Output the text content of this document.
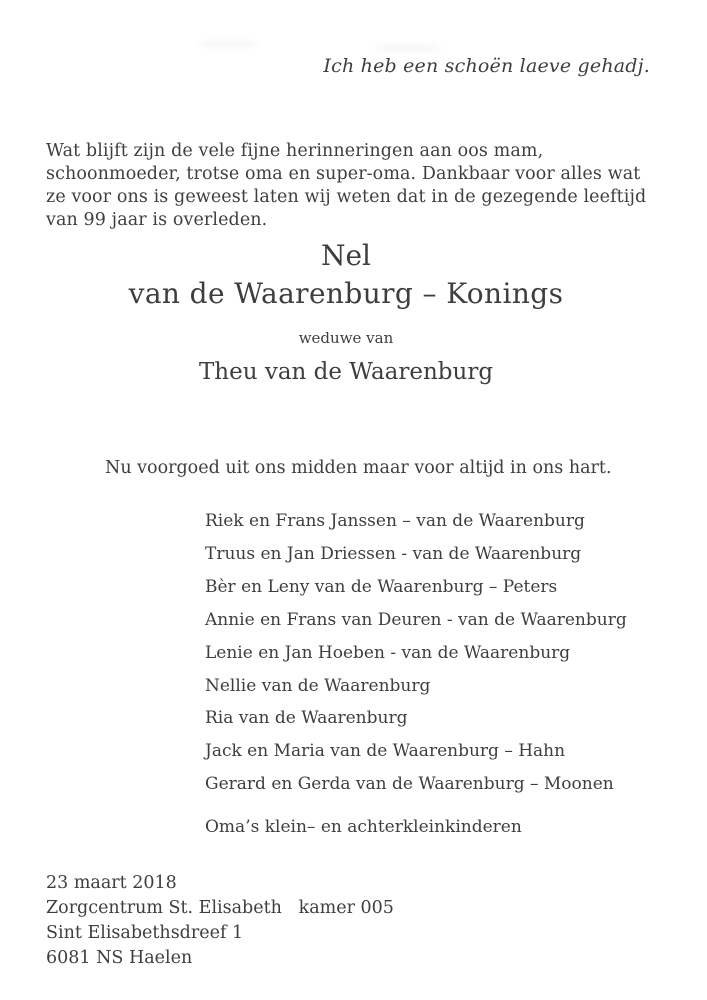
Ich heb een schoën laeve gehadj.

Wat blijft zijn de vele fijne herinneringen aan oos mam, schoonmoeder, trotse oma en super-oma. Dankbaar voor alles wat ze voor ons is geweest laten wij weten dat in de gezegende leeftijd van 99 jaar is overleden.

Nel
van de Waarenburg – Konings
weduwe van
Theu van de Waarenburg
Nu voorgoed uit ons midden maar voor altijd in ons hart.
Riek en Frans Janssen – van de Waarenburg
Truus en Jan Driessen - van de Waarenburg
Bèr en Leny van de Waarenburg – Peters
Annie en Frans van Deuren - van de Waarenburg
Lenie en Jan Hoeben - van de Waarenburg
Nellie van de Waarenburg
Ria van de Waarenburg
Jack en Maria van de Waarenburg – Hahn
Gerard en Gerda van de Waarenburg – Moonen
Oma’s klein– en achterkleinkinderen
23 maart 2018
Zorgcentrum St. Elisabeth   kamer 005
Sint Elisabethsdreef 1
6081 NS Haelen
